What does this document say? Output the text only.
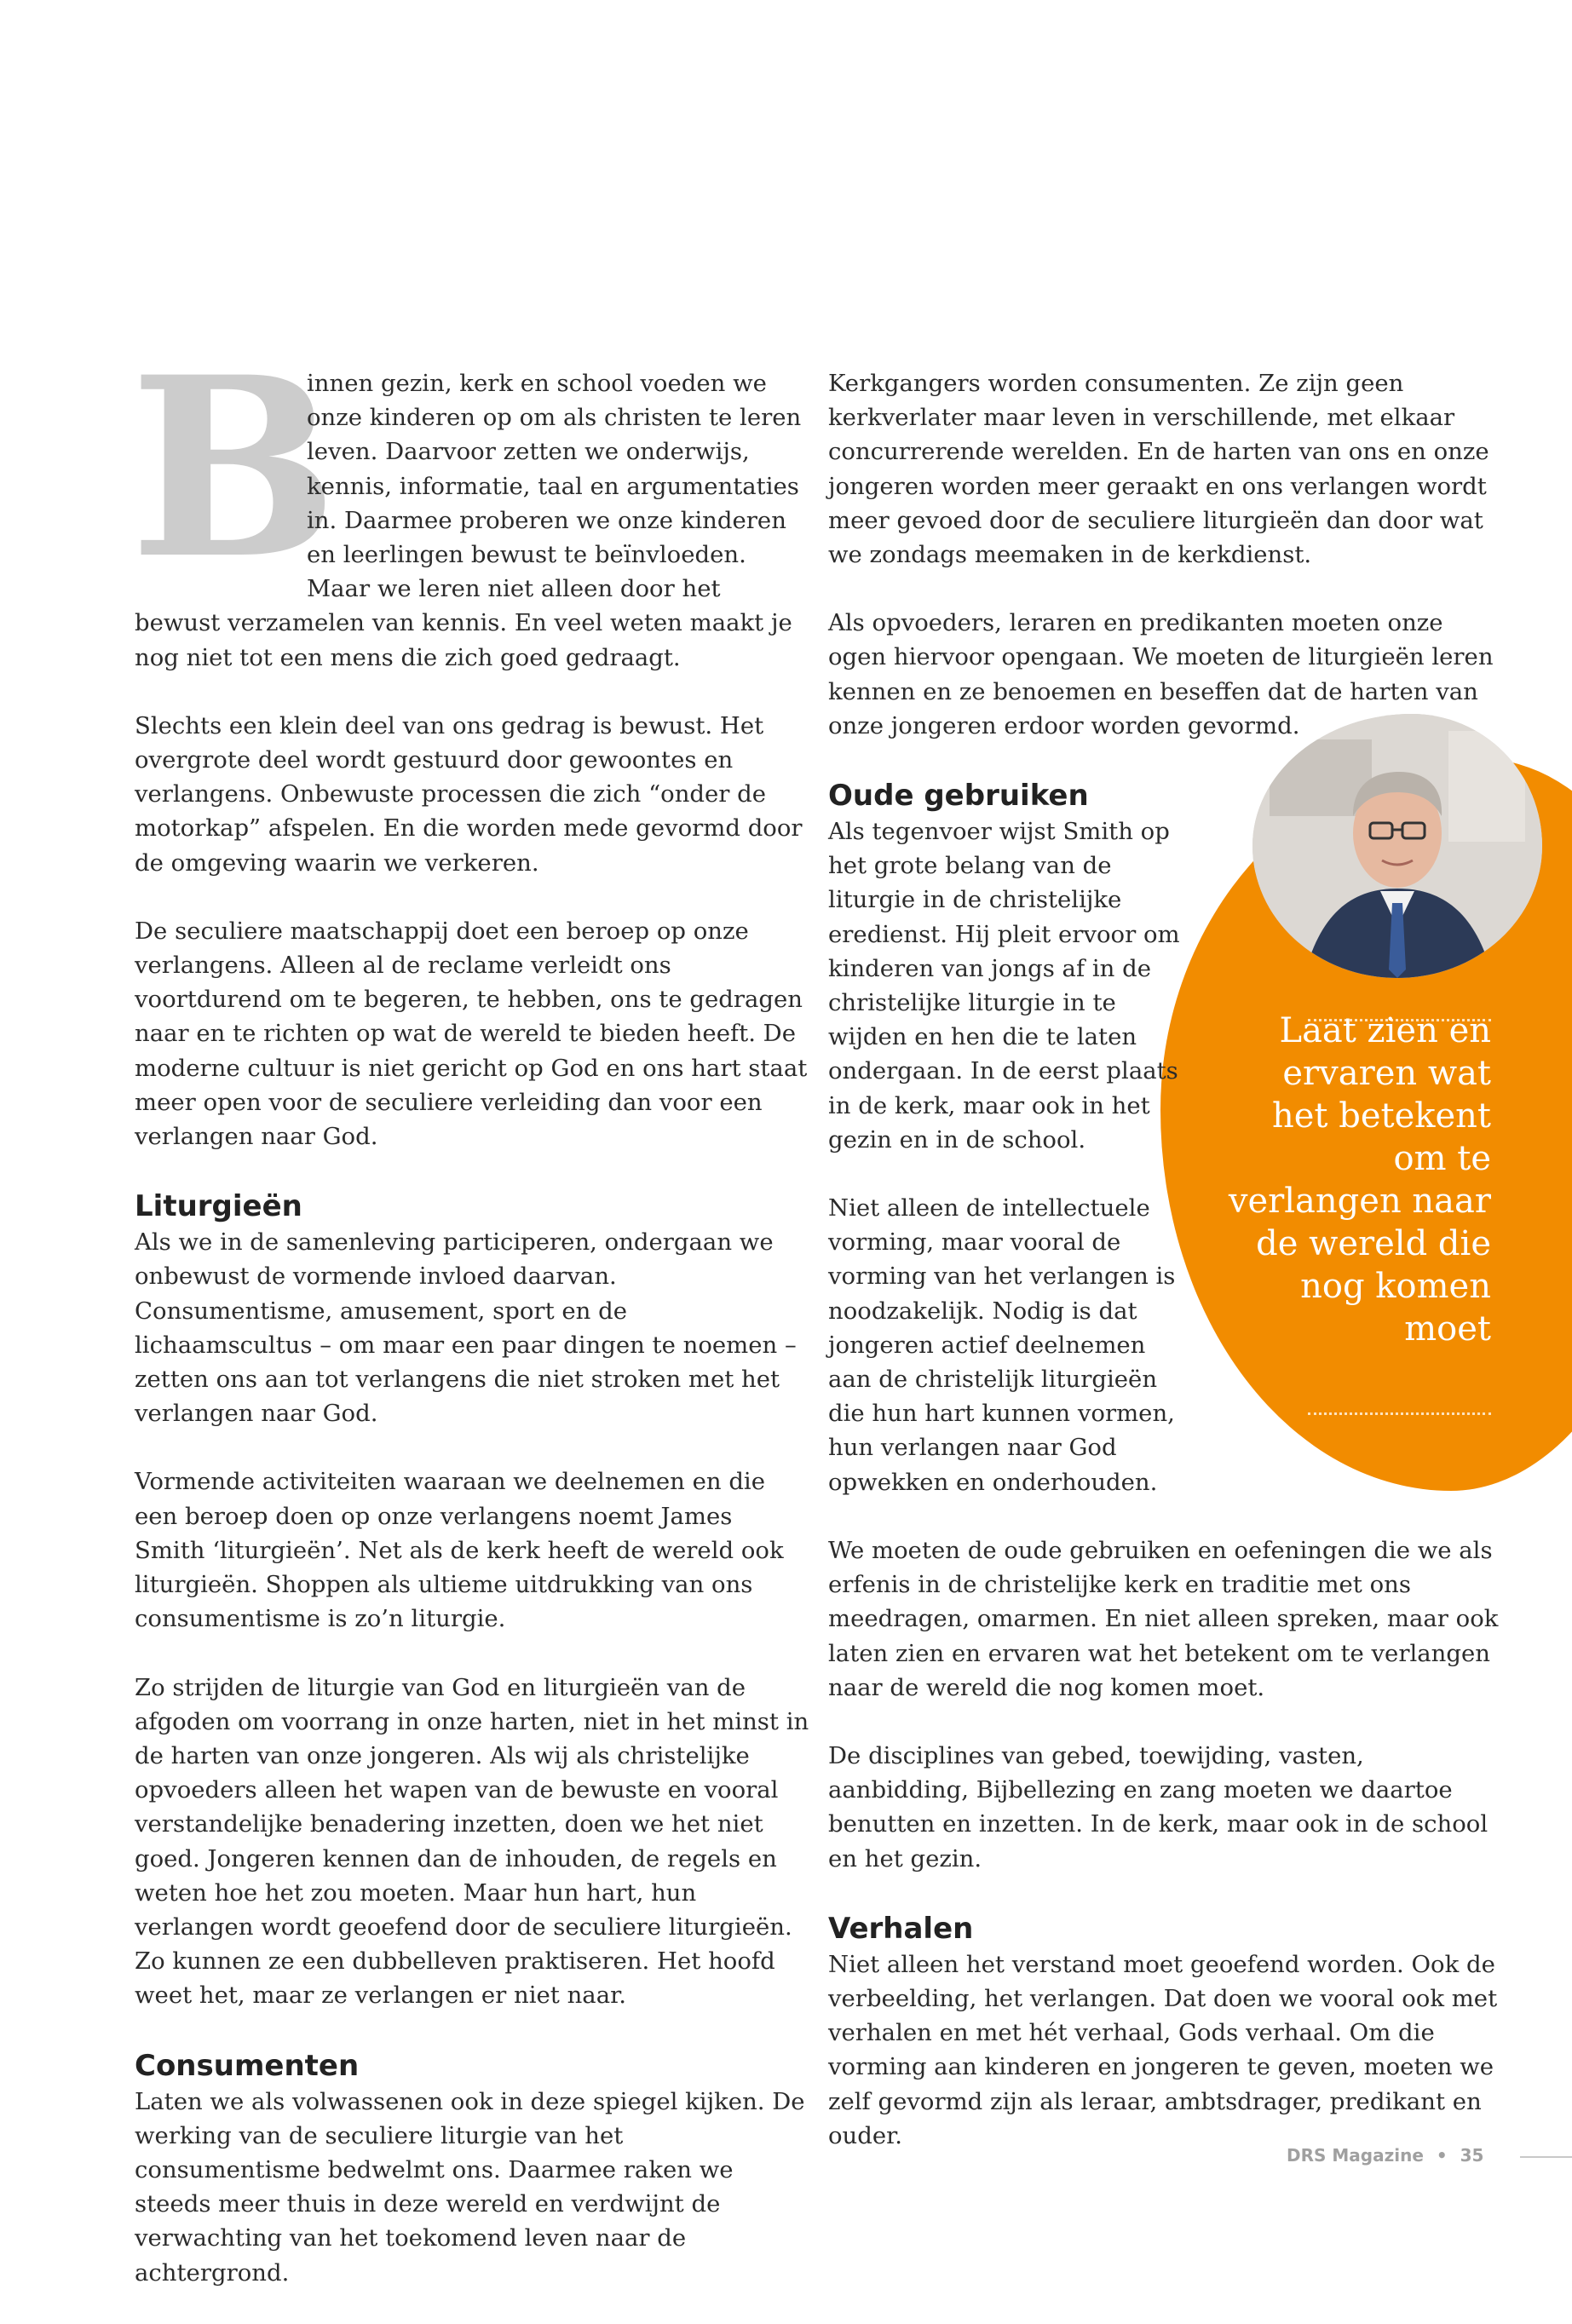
Laat zien en ervaren wat het betekent om te verlangen naar de wereld die nog komen moet

B
innen gezin, kerk en school voeden we onze kinderen op om als christen te leren leven. Daarvoor zetten we onderwijs, kennis, informatie, taal en argumentaties in. Daarmee proberen we onze kinderen en leerlingen bewust te beïnvloeden. Maar we leren niet alleen door het bewust verzamelen van kennis. En veel weten maakt je nog niet tot een mens die zich goed gedraagt.

Slechts een klein deel van ons gedrag is bewust. Het overgrote deel wordt gestuurd door gewoontes en verlangens. Onbewuste processen die zich “onder de motorkap” afspelen. En die worden mede gevormd door de omgeving waarin we verkeren.

De seculiere maatschappij doet een beroep op onze verlangens. Alleen al de reclame verleidt ons voortdurend om te begeren, te hebben, ons te gedragen naar en te richten op wat de wereld te bieden heeft. De moderne cultuur is niet gericht op God en ons hart staat meer open voor de seculiere verleiding dan voor een verlangen naar God.

Liturgieën

Als we in de samenleving participeren, ondergaan we onbewust de vormende invloed daarvan. Consumentisme, amusement, sport en de lichaamscultus – om maar een paar dingen te noemen – zetten ons aan tot verlangens die niet stroken met het verlangen naar God.

Vormende activiteiten waaraan we deelnemen en die een beroep doen op onze verlangens noemt James Smith ‘liturgieën’. Net als de kerk heeft de wereld ook liturgieën. Shoppen als ultieme uitdrukking van ons consumentisme is zo’n liturgie.

Zo strijden de liturgie van God en liturgieën van de afgoden om voorrang in onze harten, niet in het minst in de harten van onze jongeren. Als wij als christelijke opvoeders alleen het wapen van de bewuste en vooral verstandelijke benadering inzetten, doen we het niet goed. Jongeren kennen dan de inhouden, de regels en weten hoe het zou moeten. Maar hun hart, hun verlangen wordt geoefend door de seculiere liturgieën. Zo kunnen ze een dubbelleven praktiseren. Het hoofd weet het, maar ze verlangen er niet naar.

Consumenten

Laten we als volwassenen ook in deze spiegel kijken. De werking van de seculiere liturgie van het consumentisme bedwelmt ons. Daarmee raken we steeds meer thuis in deze wereld en verdwijnt de verwachting van het toekomend leven naar de achtergrond.

Kerkgangers worden consumenten. Ze zijn geen kerkverlater maar leven in verschillende, met elkaar concurrerende werelden. En de harten van ons en onze jongeren worden meer geraakt en ons verlangen wordt meer gevoed door de seculiere liturgieën dan door wat we zondags meemaken in de kerkdienst.

Als opvoeders, leraren en predikanten moeten onze ogen hiervoor opengaan. We moeten de liturgieën leren kennen en ze benoemen en beseffen dat de harten van onze jongeren erdoor worden gevormd.

Oude gebruiken

Als tegenvoer wijst Smith op het grote belang van de liturgie in de christelijke eredienst. Hij pleit ervoor om kinderen van jongs af in de christelijke liturgie in te wijden en hen die te laten ondergaan. In de eerst plaats in de kerk, maar ook in het gezin en in de school.

Niet alleen de intellectuele vorming, maar vooral de vorming van het verlangen is noodzakelijk. Nodig is dat jongeren actief deelnemen aan de christelijk liturgieën die hun hart kunnen vormen, hun verlangen naar God opwekken en onderhouden.

We moeten de oude gebruiken en oefeningen die we als erfenis in de christelijke kerk en traditie met ons meedragen, omarmen. En niet alleen spreken, maar ook laten zien en ervaren wat het betekent om te verlangen naar de wereld die nog komen moet.

De disciplines van gebed, toewijding, vasten, aanbidding, Bijbellezing en zang moeten we daartoe benutten en inzetten. In de kerk, maar ook in de school en het gezin.

Verhalen

Niet alleen het verstand moet geoefend worden. Ook de verbeelding, het verlangen. Dat doen we vooral ook met verhalen en met hét verhaal, Gods verhaal. Om die vorming aan kinderen en jongeren te geven, moeten we zelf gevormd zijn als leraar, ambtsdrager, predikant en ouder.

DRS Magazine • 35
